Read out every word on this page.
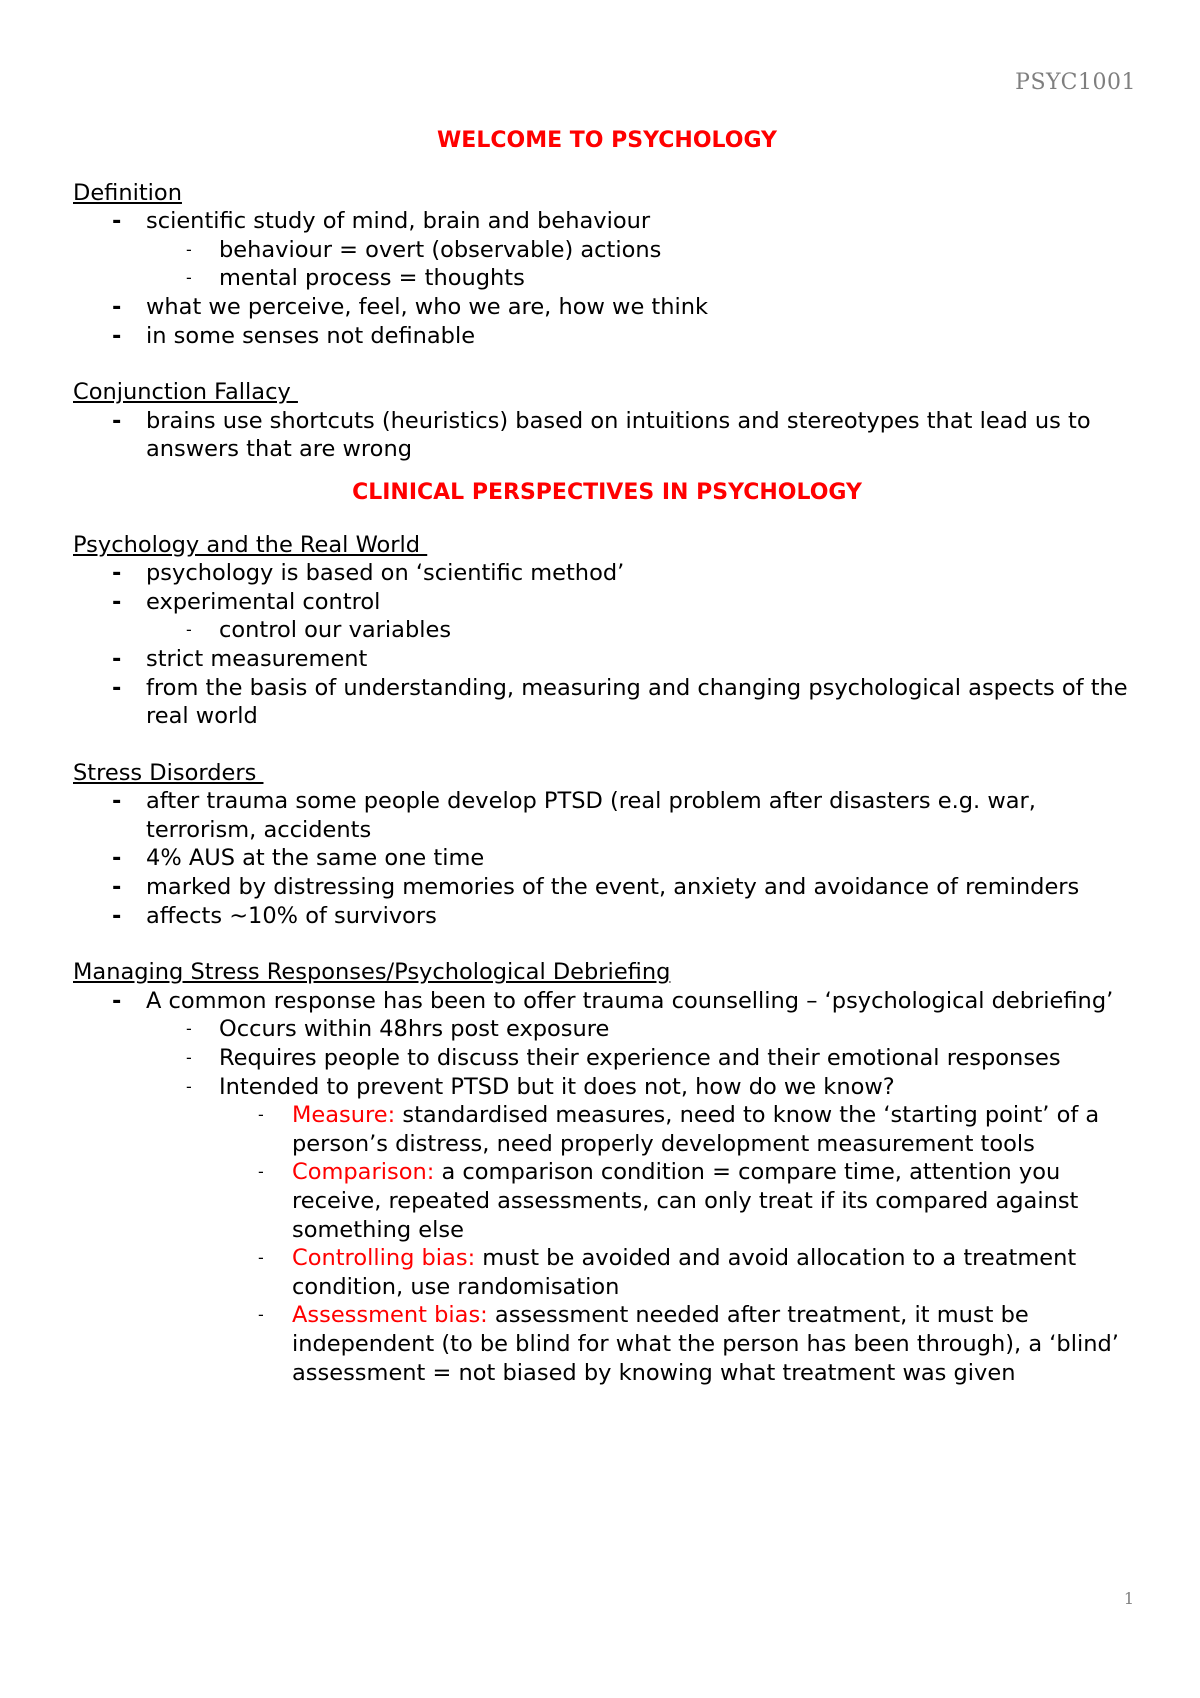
PSYC1001
WELCOME TO PSYCHOLOGY

Definition

- scientific study of mind, brain and behaviour
- behaviour = overt (observable) actions
- mental process = thoughts
- what we perceive, feel, who we are, how we think
- in some senses not definable

Conjunction Fallacy

- brains use shortcuts (heuristics) based on intuitions and stereotypes that lead us to answers that are wrong
CLINICAL PERSPECTIVES IN PSYCHOLOGY

Psychology and the Real World

- psychology is based on ‘scientific method’
- experimental control
- control our variables
- strict measurement
- from the basis of understanding, measuring and changing psychological aspects of the real world

Stress Disorders

- after trauma some people develop PTSD (real problem after disasters e.g. war, terrorism, accidents
- 4% AUS at the same one time
- marked by distressing memories of the event, anxiety and avoidance of reminders
- affects ~10% of survivors

Managing Stress Responses/Psychological Debriefing

- A common response has been to offer trauma counselling – ‘psychological debriefing’
- Occurs within 48hrs post exposure
- Requires people to discuss their experience and their emotional responses
- Intended to prevent PTSD but it does not, how do we know?
- Measure: standardised measures, need to know the ‘starting point’ of a person’s distress, need properly development measurement tools
- Comparison: a comparison condition = compare time, attention you receive, repeated assessments, can only treat if its compared against something else
- Controlling bias: must be avoided and avoid allocation to a treatment condition, use randomisation
- Assessment bias: assessment needed after treatment, it must be independent (to be blind for what the person has been through), a ‘blind’ assessment = not biased by knowing what treatment was given
1
